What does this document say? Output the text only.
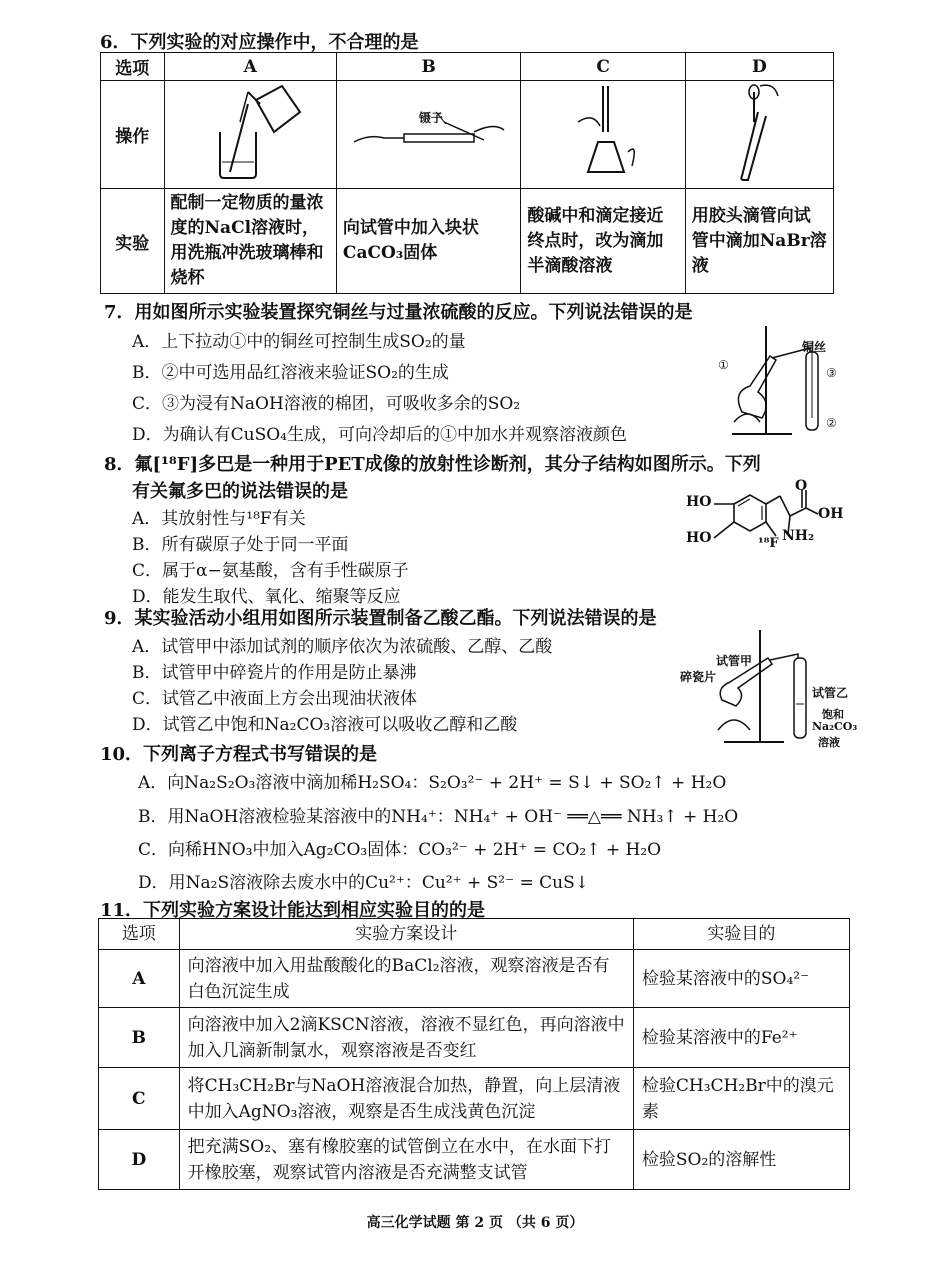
6．下列实验的对应操作中，不合理的是
选项	A	B	C	D
操作		镊子

实验	配制一定物质的量浓度的NaCl溶液时，用洗瓶冲洗玻璃棒和烧杯	向试管中加入块状CaCO₃固体	酸碱中和滴定接近终点时，改为滴加半滴酸溶液	用胶头滴管向试管中滴加NaBr溶液
7．用如图所示实验装置探究铜丝与过量浓硫酸的反应。下列说法错误的是
A．上下拉动①中的铜丝可控制生成SO₂的量
B．②中可选用品红溶液来验证SO₂的生成
C．③为浸有NaOH溶液的棉团，可吸收多余的SO₂
D．为确认有CuSO₄生成，可向冷却后的①中加水并观察溶液颜色
铜丝
①
③
②
8．氟[¹⁸F]多巴是一种用于PET成像的放射性诊断剂，其分子结构如图所示。下列
有关氟多巴的说法错误的是
A．其放射性与¹⁸F有关
B．所有碳原子处于同一平面
C．属于α−氨基酸，含有手性碳原子
D．能发生取代、氧化、缩聚等反应
HO
HO
O
OH
NH₂
¹⁸F
9．某实验活动小组用如图所示装置制备乙酸乙酯。下列说法错误的是
A．试管甲中添加试剂的顺序依次为浓硫酸、乙醇、乙酸
B．试管甲中碎瓷片的作用是防止暴沸
C．试管乙中液面上方会出现油状液体
D．试管乙中饱和Na₂CO₃溶液可以吸收乙醇和乙酸
试管甲
碎瓷片
试管乙
饱和
Na₂CO₃
溶液
10．下列离子方程式书写错误的是
A．向Na₂S₂O₃溶液中滴加稀H₂SO₄：S₂O₃²⁻ + 2H⁺ = S↓ + SO₂↑ + H₂O
B．用NaOH溶液检验某溶液中的NH₄⁺：NH₄⁺ + OH⁻ ══△══ NH₃↑ + H₂O
C．向稀HNO₃中加入Ag₂CO₃固体：CO₃²⁻ + 2H⁺ = CO₂↑ + H₂O
D．用Na₂S溶液除去废水中的Cu²⁺：Cu²⁺ + S²⁻ = CuS↓
11．下列实验方案设计能达到相应实验目的的是
选项	实验方案设计	实验目的
A	向溶液中加入用盐酸酸化的BaCl₂溶液，观察溶液是否有白色沉淀生成	检验某溶液中的SO₄²⁻
B	向溶液中加入2滴KSCN溶液，溶液不显红色，再向溶液中加入几滴新制氯水，观察溶液是否变红	检验某溶液中的Fe²⁺
C	将CH₃CH₂Br与NaOH溶液混合加热，静置，向上层清液中加入AgNO₃溶液，观察是否生成浅黄色沉淀	检验CH₃CH₂Br中的溴元素
D	把充满SO₂、塞有橡胶塞的试管倒立在水中，在水面下打开橡胶塞，观察试管内溶液是否充满整支试管	检验SO₂的溶解性
高三化学试题 第 2 页 （共 6 页）
